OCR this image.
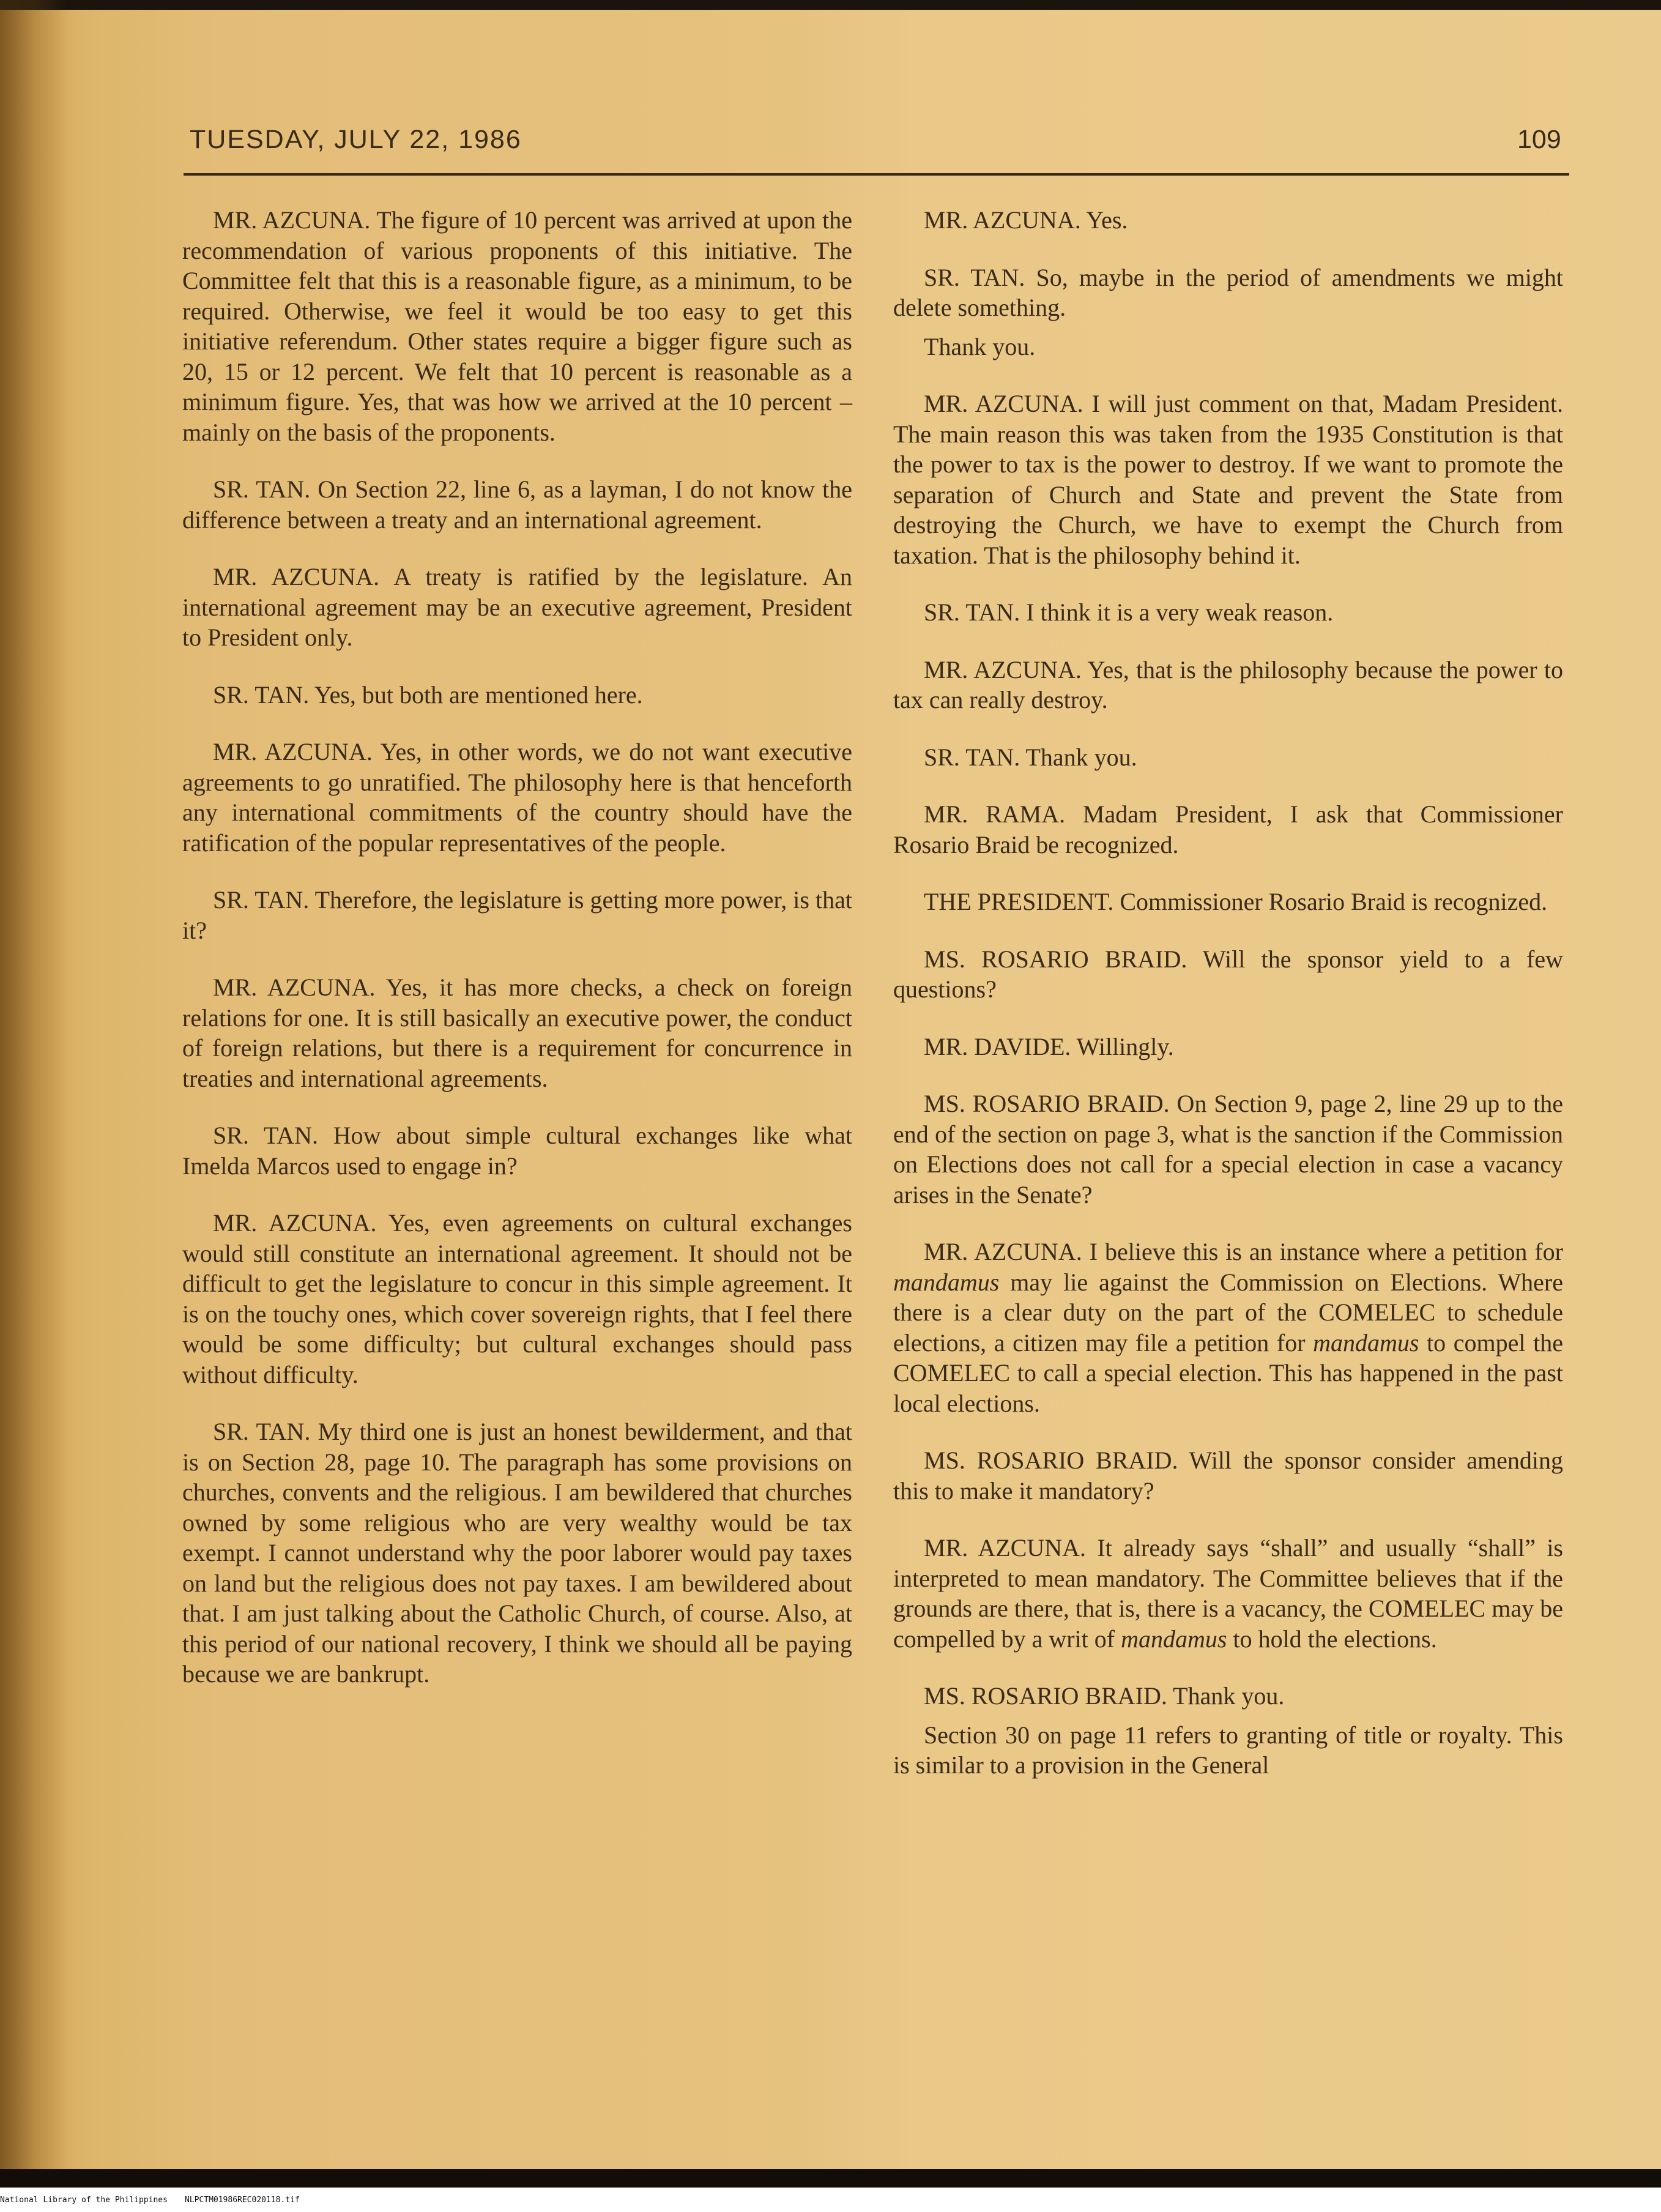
TUESDAY, JULY 22, 1986	109

MR. AZCUNA. The figure of 10 percent was arrived at upon the recommendation of various proponents of this initiative. The Committee felt that this is a reasonable figure, as a minimum, to be required. Otherwise, we feel it would be too easy to get this initiative referendum. Other states require a bigger figure such as 20, 15 or 12 percent. We felt that 10 percent is reasonable as a minimum figure. Yes, that was how we arrived at the 10 percent – mainly on the basis of the proponents.

SR. TAN. On Section 22, line 6, as a layman, I do not know the difference between a treaty and an international agreement.

MR. AZCUNA. A treaty is ratified by the legislature. An international agreement may be an executive agreement, President to President only.

SR. TAN. Yes, but both are mentioned here.

MR. AZCUNA. Yes, in other words, we do not want executive agreements to go unratified. The philosophy here is that henceforth any international commitments of the country should have the ratification of the popular representatives of the people.

SR. TAN. Therefore, the legislature is getting more power, is that it?

MR. AZCUNA. Yes, it has more checks, a check on foreign relations for one. It is still basically an executive power, the conduct of foreign relations, but there is a requirement for concurrence in treaties and international agreements.

SR. TAN. How about simple cultural exchanges like what Imelda Marcos used to engage in?

MR. AZCUNA. Yes, even agreements on cultural exchanges would still constitute an international agreement. It should not be difficult to get the legislature to concur in this simple agreement. It is on the touchy ones, which cover sovereign rights, that I feel there would be some difficulty; but cultural exchanges should pass without difficulty.

SR. TAN. My third one is just an honest bewilderment, and that is on Section 28, page 10. The paragraph has some provisions on churches, convents and the religious. I am bewildered that churches owned by some religious who are very wealthy would be tax exempt. I cannot understand why the poor laborer would pay taxes on land but the religious does not pay taxes. I am bewildered about that. I am just talking about the Catholic Church, of course. Also, at this period of our national recovery, I think we should all be paying because we are bankrupt.

MR. AZCUNA. Yes.

SR. TAN. So, maybe in the period of amendments we might delete something.

Thank you.

MR. AZCUNA. I will just comment on that, Madam President. The main reason this was taken from the 1935 Constitution is that the power to tax is the power to destroy. If we want to promote the separation of Church and State and prevent the State from destroying the Church, we have to exempt the Church from taxation. That is the philosophy behind it.

SR. TAN. I think it is a very weak reason.

MR. AZCUNA. Yes, that is the philosophy because the power to tax can really destroy.

SR. TAN. Thank you.

MR. RAMA. Madam President, I ask that Commissioner Rosario Braid be recognized.

THE PRESIDENT. Commissioner Rosario Braid is recognized.

MS. ROSARIO BRAID. Will the sponsor yield to a few questions?

MR. DAVIDE. Willingly.

MS. ROSARIO BRAID. On Section 9, page 2, line 29 up to the end of the section on page 3, what is the sanction if the Commission on Elections does not call for a special election in case a vacancy arises in the Senate?

MR. AZCUNA. I believe this is an instance where a petition for mandamus may lie against the Commission on Elections. Where there is a clear duty on the part of the COMELEC to schedule elections, a citizen may file a petition for mandamus to compel the COMELEC to call a special election. This has happened in the past local elections.

MS. ROSARIO BRAID. Will the sponsor consider amending this to make it mandatory?

MR. AZCUNA. It already says “shall” and usually “shall” is interpreted to mean mandatory. The Committee believes that if the grounds are there, that is, there is a vacancy, the COMELEC may be compelled by a writ of mandamus to hold the elections.

MS. ROSARIO BRAID. Thank you.

Section 30 on page 11 refers to granting of title or royalty. This is similar to a provision in the General

National Library of the Philippines NLPCTM01986REC020118.tif
